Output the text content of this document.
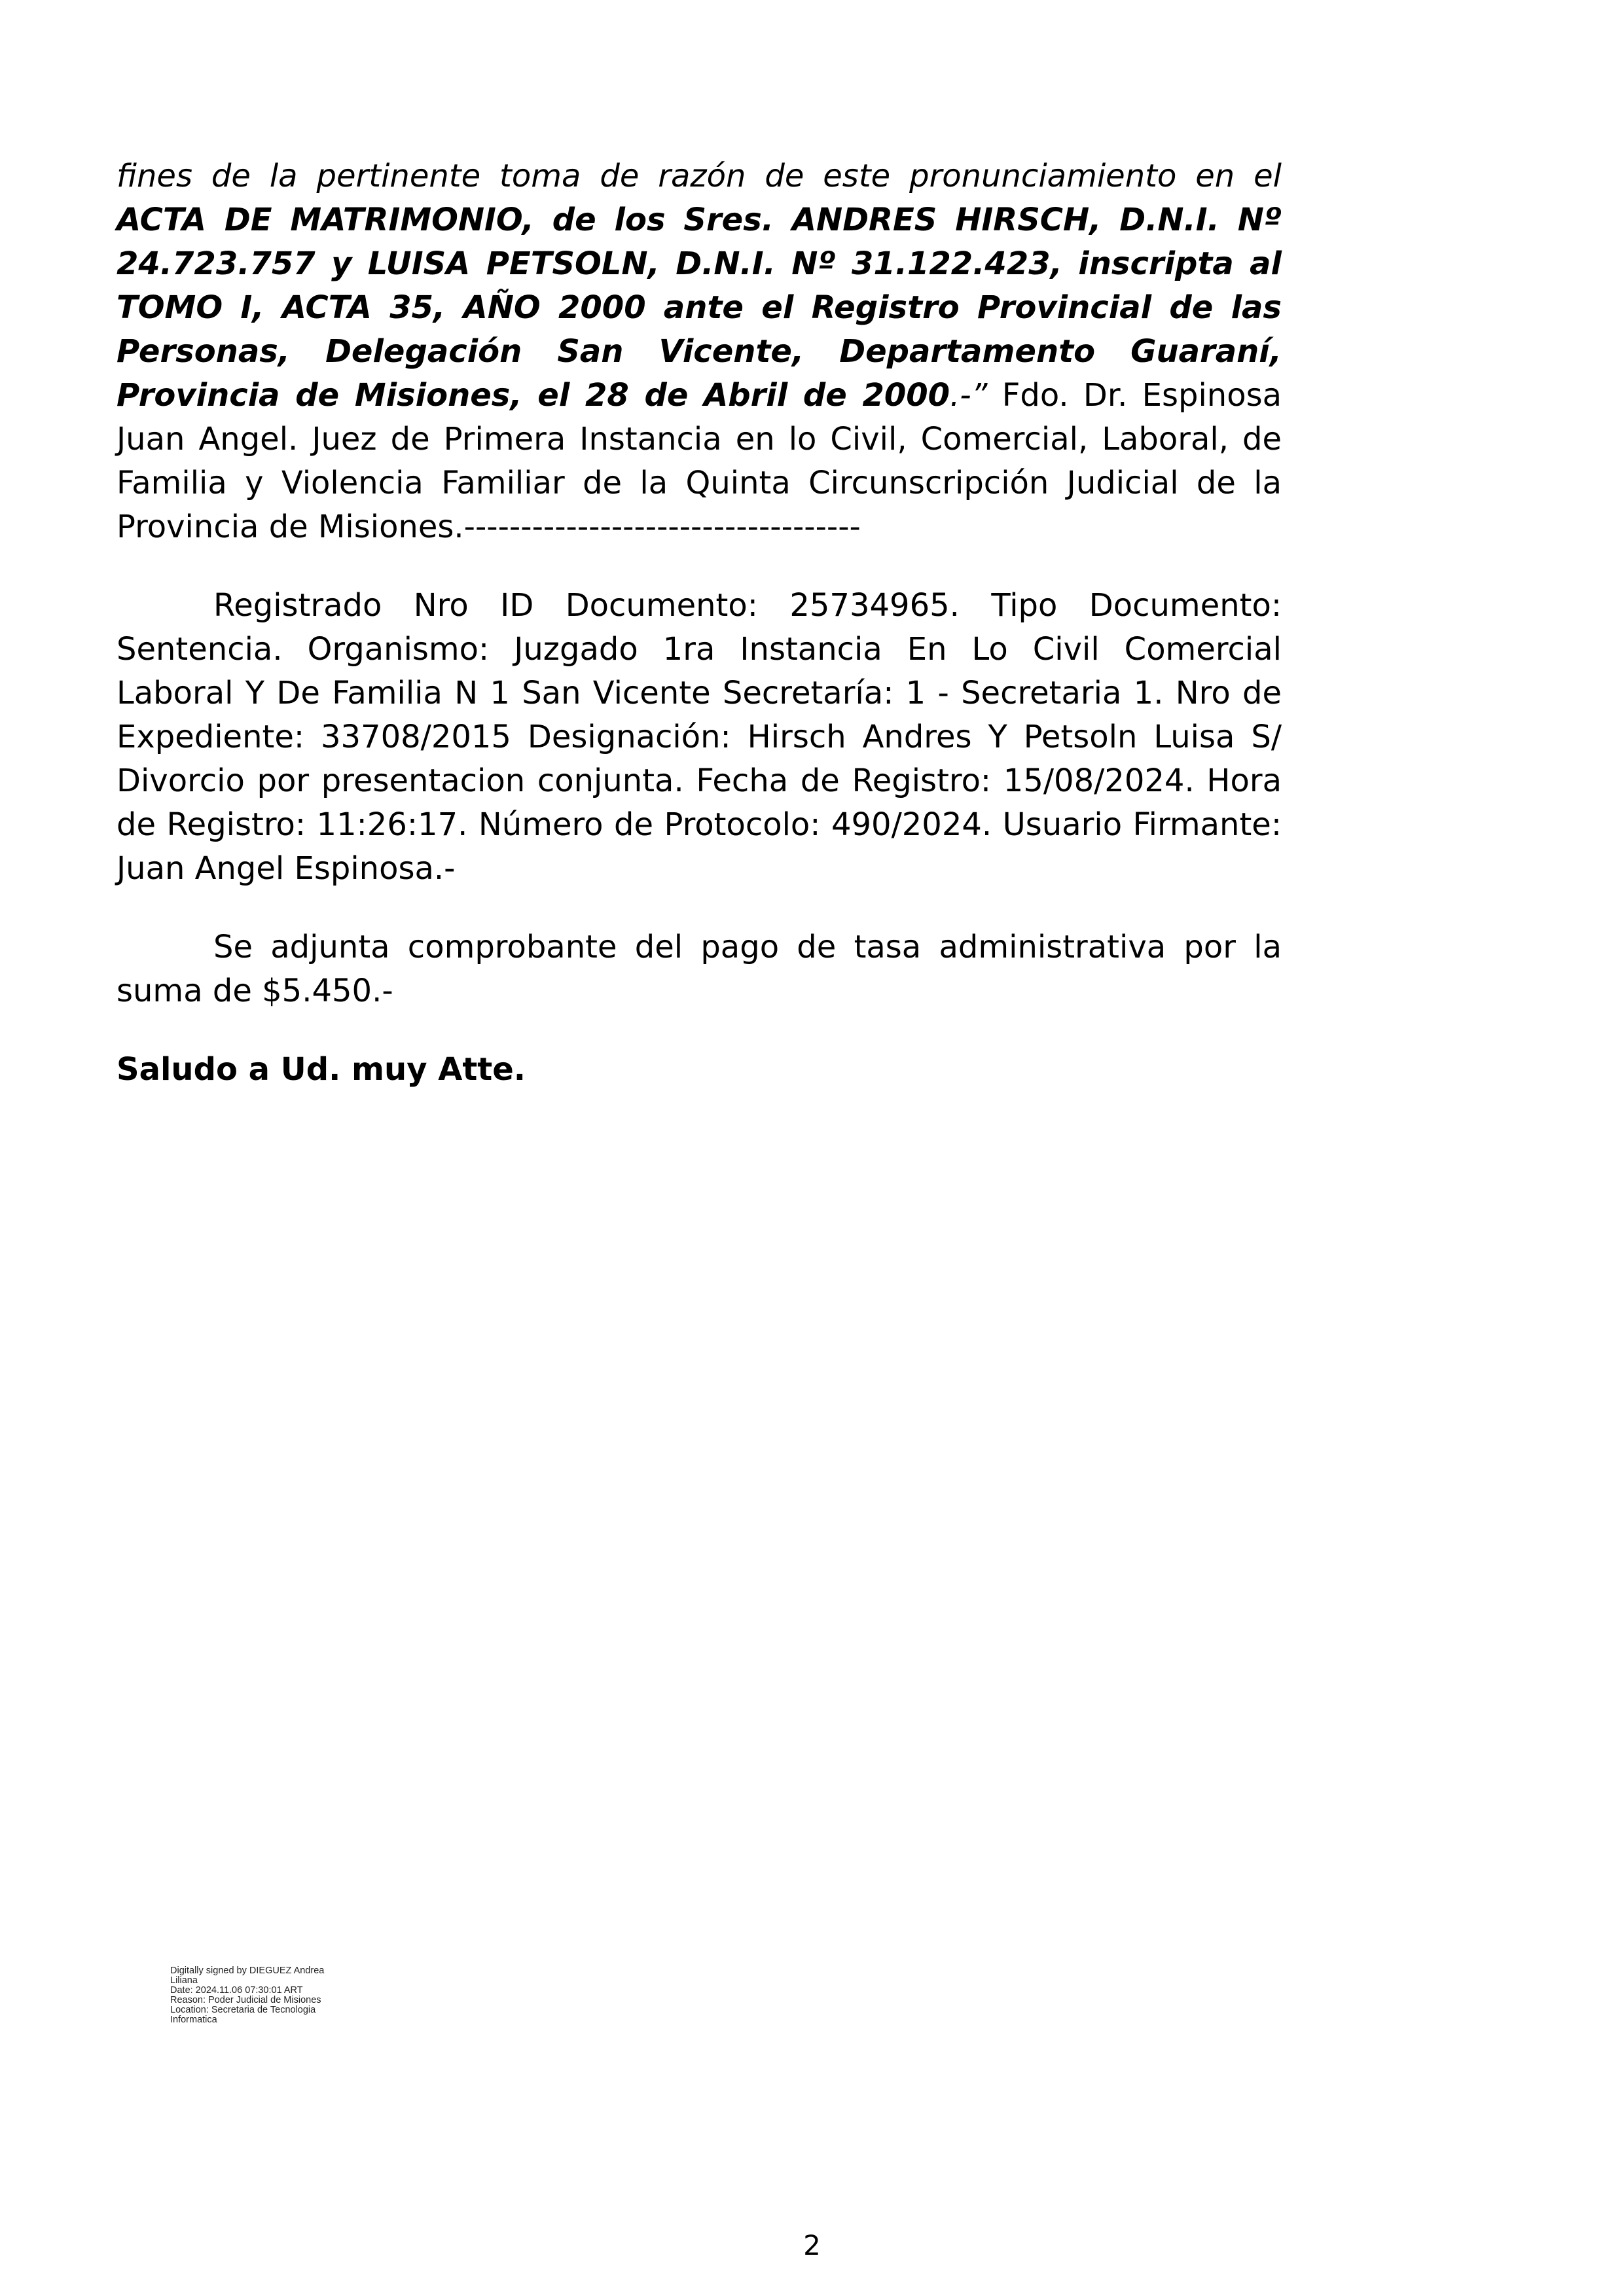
fines de la pertinente toma de razón de este pronunciamiento en el ACTA DE MATRIMONIO, de los Sres. ANDRES HIRSCH, D.N.I. Nº 24.723.757 y LUISA PETSOLN, D.N.I. Nº 31.122.423, inscripta al TOMO I, ACTA 35, AÑO 2000 ante el Registro Provincial de las Personas, Delegación San Vicente, Departamento Guaraní, Provincia de Misiones, el 28 de Abril de 2000.-” Fdo. Dr. Espinosa Juan Angel. Juez de Primera Instancia en lo Civil, Comercial, Laboral, de Familia y Violencia Familiar de la Quinta Circunscripción Judicial de la Provincia de Misiones.-----------------------------------

Registrado Nro ID Documento: 25734965. Tipo Documento: Sentencia. Organismo: Juzgado 1ra Instancia En Lo Civil Comercial Laboral Y De Familia N 1 San Vicente Secretaría: 1 - Secretaria 1. Nro de Expediente: 33708/2015 Designación: Hirsch Andres Y Petsoln Luisa S/ Divorcio por presentacion conjunta. Fecha de Registro: 15/08/2024. Hora de Registro: 11:26:17. Número de Protocolo: 490/2024. Usuario Firmante: Juan Angel Espinosa.-

Se adjunta comprobante del pago de tasa administrativa por la suma de $5.450.-

Saludo a Ud. muy Atte.

Digitally signed by DIEGUEZ Andrea
Liliana
Date: 2024.11.06 07:30:01 ART
Reason: Poder Judicial de Misiones
Location: Secretaria de Tecnologia
Informatica
2
